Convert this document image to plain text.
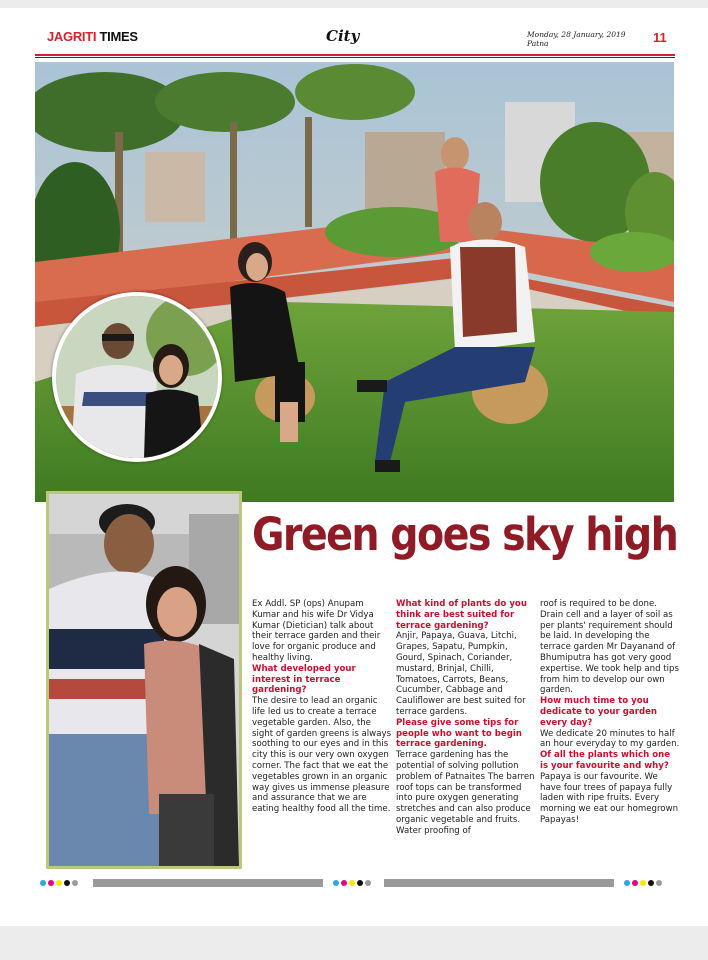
JAGRITI TIMES	City	Monday, 28 January, 2019
Patna	11
Green goes sky high

Ex Addl. SP (ops) Anupam Kumar and his wife Dr Vidya Kumar (Dietician) talk about their terrace garden and their love for organic produce and healthy living.

What developed your interest in terrace gardening?

The desire to lead an organic life led us to create a terrace vegetable garden. Also, the sight of garden greens is always soothing to our eyes and in this city this is our very own oxygen corner. The fact that we eat the vegetables grown in an organic way gives us immense pleasure and assurance that we are eating healthy food all the time.

What kind of plants do you think are best suited for terrace gardening?

Anjir, Papaya, Guava, Litchi, Grapes, Sapatu, Pumpkin, Gourd, Spinach, Coriander, mustard, Brinjal, Chilli, Tomatoes, Carrots, Beans, Cucumber, Cabbage and Cauliflower are best suited for terrace gardens.

Please give some tips for people who want to begin terrace gardening.

Terrace gardening has the potential of solving pollution problem of Patnaites The barren roof tops can be transformed into pure oxygen generating stretches and can also produce organic vegetable and fruits. Water proofing of

roof is required to be done. Drain cell and a layer of soil as per plants' requirement should be laid. In developing the terrace garden Mr Dayanand of Bhumiputra has got very good expertise. We took help and tips from him to develop our own garden.

How much time to you dedicate to your garden every day?

We dedicate 20 minutes to half an hour everyday to my garden.

Of all the plants which one is your favourite and why?

Papaya is our favourite. We have four trees of papaya fully laden with ripe fruits. Every morning we eat our homegrown Papayas!
